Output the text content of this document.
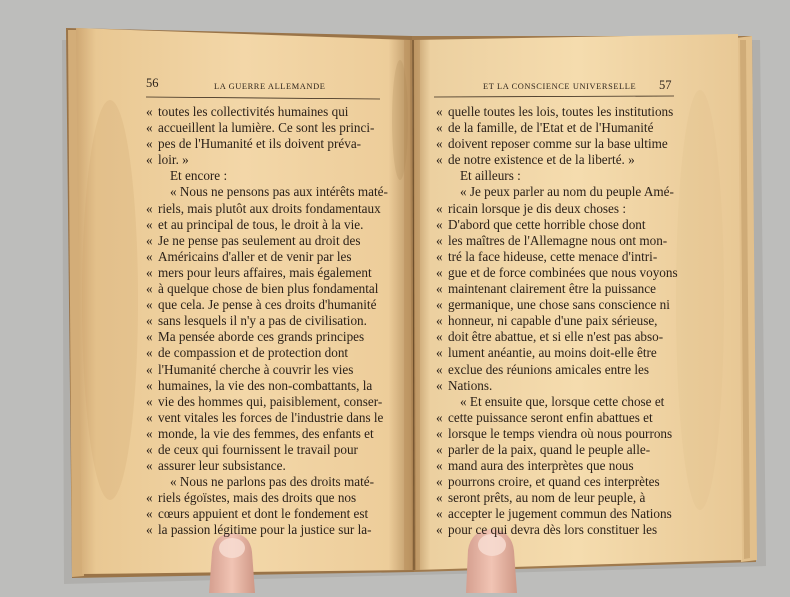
56	LA GUERRE ALLEMANDE
« toutes les collectivités humaines qui
« accueillent la lumière. Ce sont les princi-
« pes de l'Humanité et ils doivent préva-
« loir. »
Et encore :
« Nous ne pensons pas aux intérêts maté-
« riels, mais plutôt aux droits fondamentaux
« et au principal de tous, le droit à la vie.
« Je ne pense pas seulement au droit des
« Américains d'aller et de venir par les
« mers pour leurs affaires, mais également
« à quelque chose de bien plus fondamental
« que cela. Je pense à ces droits d'humanité
« sans lesquels il n'y a pas de civilisation.
« Ma pensée aborde ces grands principes
« de compassion et de protection dont
« l'Humanité cherche à couvrir les vies
« humaines, la vie des non-combattants, la
« vie des hommes qui, paisiblement, conser-
« vent vitales les forces de l'industrie dans le
« monde, la vie des femmes, des enfants et
« de ceux qui fournissent le travail pour
« assurer leur subsistance.
« Nous ne parlons pas des droits maté-
« riels égoïstes, mais des droits que nos
« cœurs appuient et dont le fondement est
« la passion légitime pour la justice sur la-
ET LA CONSCIENCE UNIVERSELLE 57
« quelle toutes les lois, toutes les institutions
« de la famille, de l'Etat et de l'Humanité
« doivent reposer comme sur la base ultime
« de notre existence et de la liberté. »
Et ailleurs :
« Je peux parler au nom du peuple Amé-
« ricain lorsque je dis deux choses :
« D'abord que cette horrible chose dont
« les maîtres de l'Allemagne nous ont mon-
« tré la face hideuse, cette menace d'intri-
« gue et de force combinées que nous voyons
« maintenant clairement être la puissance
« germanique, une chose sans conscience ni
« honneur, ni capable d'une paix sérieuse,
« doit être abattue, et si elle n'est pas abso-
« lument anéantie, au moins doit-elle être
« exclue des réunions amicales entre les
« Nations.
« Et ensuite que, lorsque cette chose et
« cette puissance seront enfin abattues et
« lorsque le temps viendra où nous pourrons
« parler de la paix, quand le peuple alle-
« mand aura des interprètes que nous
« pourrons croire, et quand ces interprètes
« seront prêts, au nom de leur peuple, à
« accepter le jugement commun des Nations
« pour ce qui devra dès lors constituer les
